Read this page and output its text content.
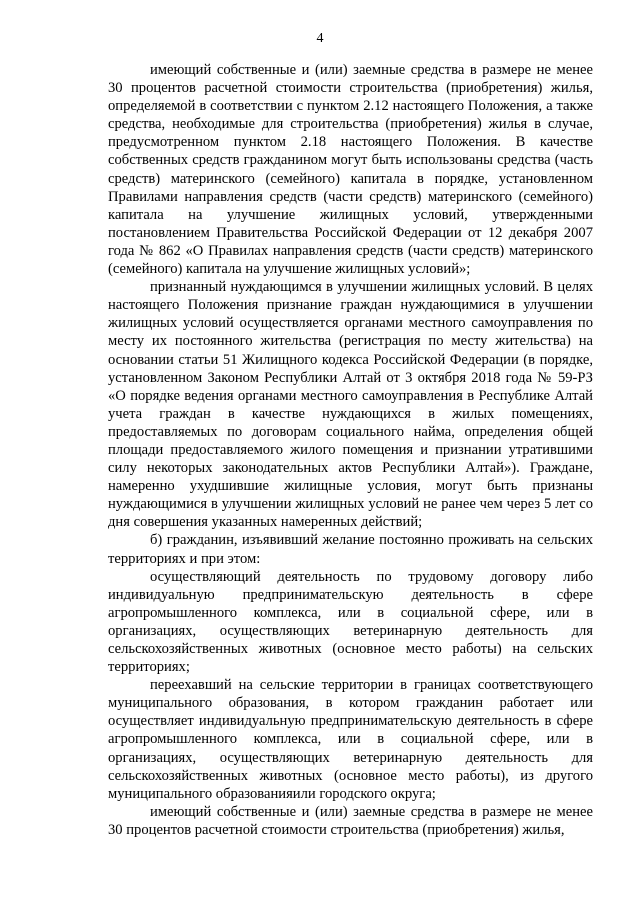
4

имеющий собственные и (или) заемные средства в размере не менее 30 процентов расчетной стоимости строительства (приобретения) жилья, определяемой в соответствии с пунктом 2.12 настоящего Положения, а также средства, необходимые для строительства (приобретения) жилья в случае, предусмотренном пунктом 2.18 настоящего Положения. В качестве собственных средств гражданином могут быть использованы средства (часть средств) материнского (семейного) капитала в порядке, установленном Правилами направления средств (части средств) материнского (семейного) капитала на улучшение жилищных условий, утвержденными постановлением Правительства Российской Федерации от 12 декабря 2007 года № 862 «О Правилах направления средств (части средств) материнского (семейного) капитала на улучшение жилищных условий»;

признанный нуждающимся в улучшении жилищных условий. В целях настоящего Положения признание граждан нуждающимися в улучшении жилищных условий осуществляется органами местного самоуправления по месту их постоянного жительства (регистрация по месту жительства) на основании статьи 51 Жилищного кодекса Российской Федерации (в порядке, установленном Законом Республики Алтай от 3 октября 2018 года № 59-РЗ «О порядке ведения органами местного самоуправления в Республике Алтай учета граждан в качестве нуждающихся в жилых помещениях, предоставляемых по договорам социального найма, определения общей площади предоставляемого жилого помещения и признании утратившими силу некоторых законодательных актов Республики Алтай»). Граждане, намеренно ухудшившие жилищные условия, могут быть признаны нуждающимися в улучшении жилищных условий не ранее чем через 5 лет со дня совершения указанных намеренных действий;

б) гражданин, изъявивший желание постоянно проживать на сельских территориях и при этом:

осуществляющий деятельность по трудовому договору либо индивидуальную предпринимательскую деятельность в сфере агропромышленного комплекса, или в социальной сфере, или в организациях, осуществляющих ветеринарную деятельность для сельскохозяйственных животных (основное место работы) на сельских территориях;

переехавший на сельские территории в границах соответствующего муниципального образования, в котором гражданин работает или осуществляет индивидуальную предпринимательскую деятельность в сфере агропромышленного комплекса, или в социальной сфере, или в организациях, осуществляющих ветеринарную деятельность для сельскохозяйственных животных (основное место работы), из другого муниципального образованияили городского округа;

имеющий собственные и (или) заемные средства в размере не менее 30 процентов расчетной стоимости строительства (приобретения) жилья,
